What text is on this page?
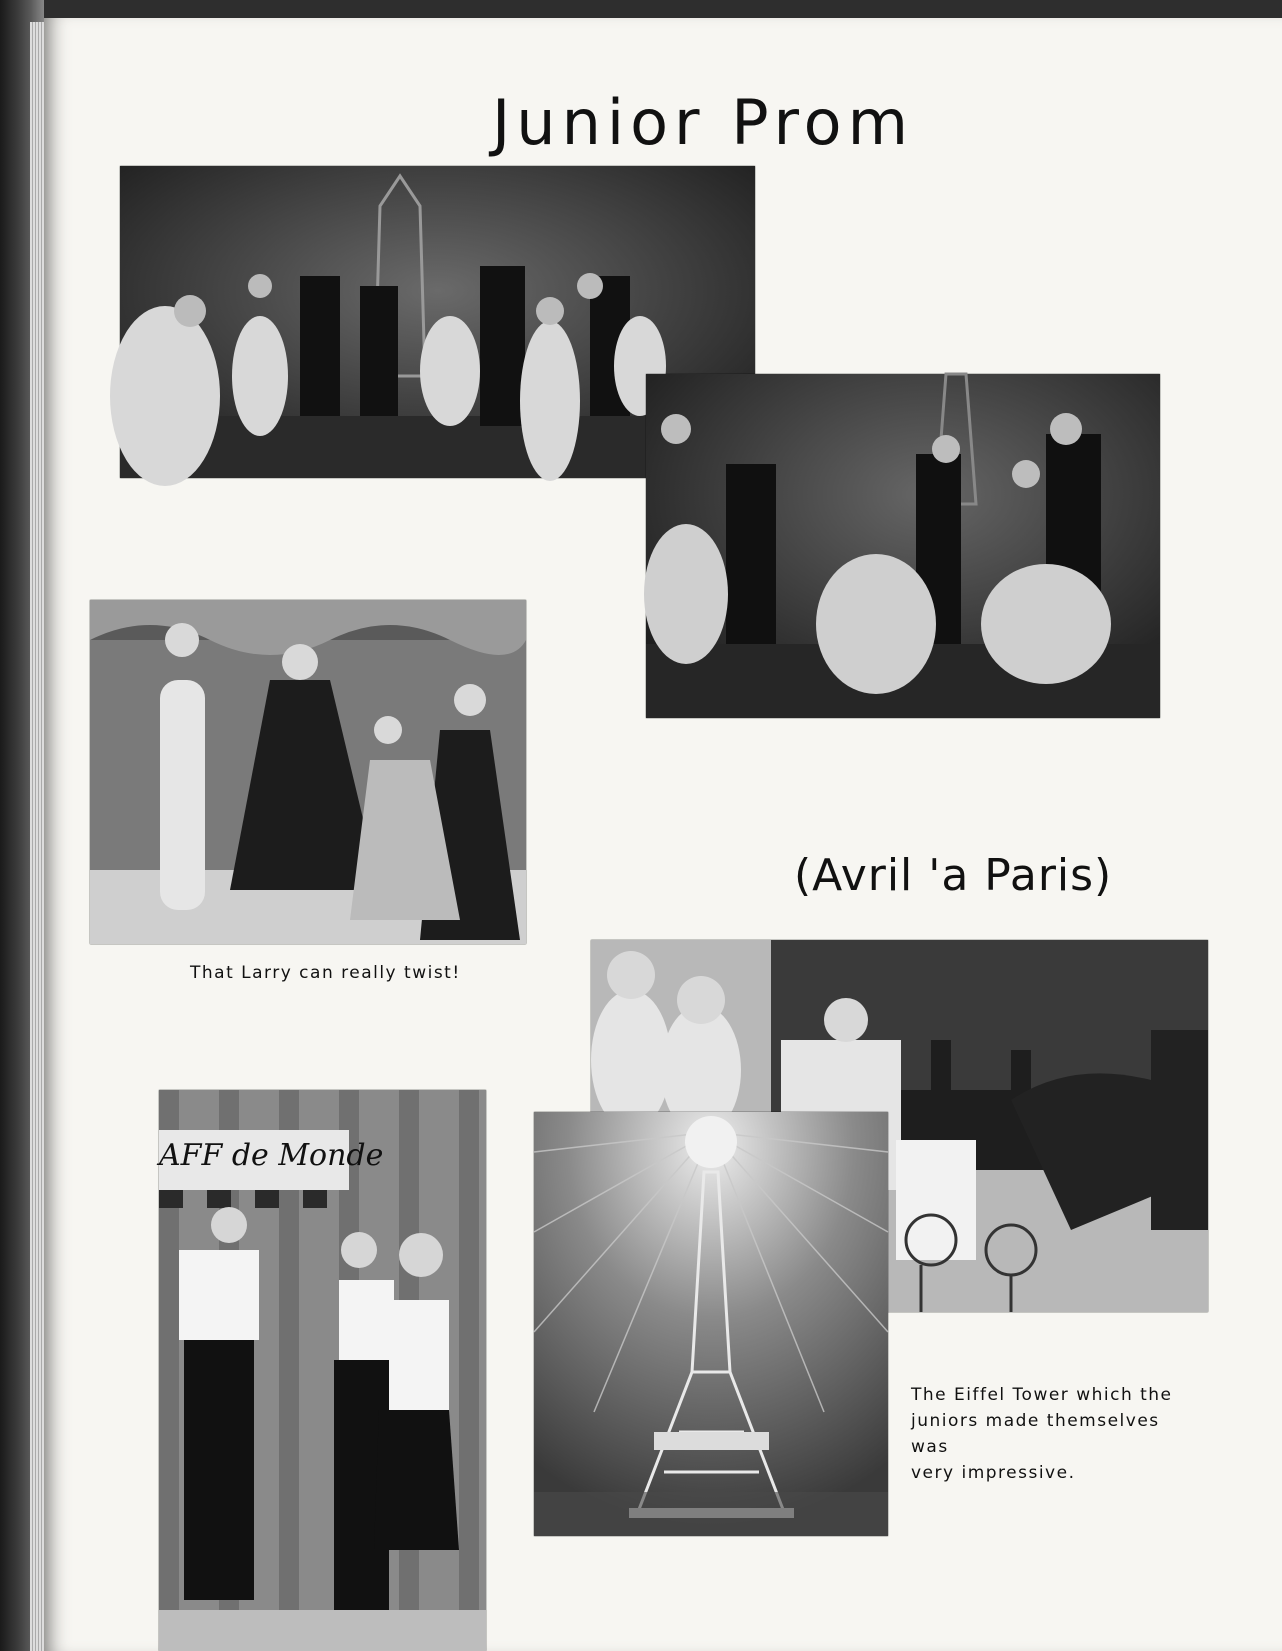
Junior Prom
That Larry can really twist!
(Avril 'a Paris)
AFF de Monde
The Eiffel Tower which the
juniors made themselves was
very impressive.
